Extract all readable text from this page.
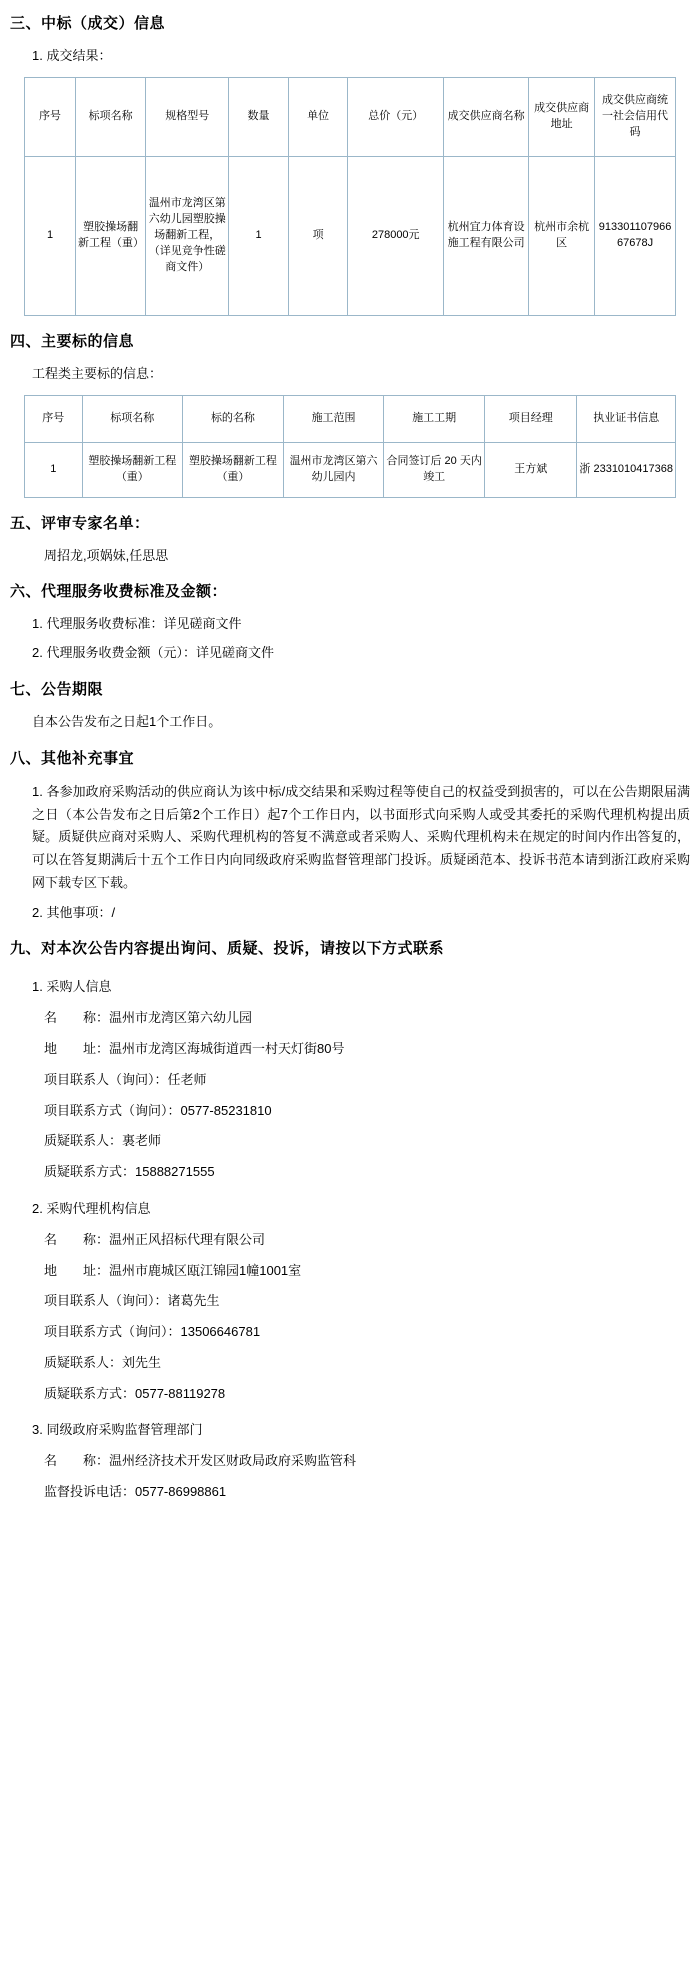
三、中标（成交）信息
1. 成交结果：
序号	标项名称	规格型号	数量	单位	总价（元）	成交供应商名称	成交供应商地址	成交供应商统一社会信用代码
1	塑胶操场翻新工程（重）	温州市龙湾区第六幼儿园塑胶操场翻新工程，（详见竞争性磋商文件）	1	项	278000元	杭州宜力体育设施工程有限公司	杭州市余杭区	91330110796667678J
四、主要标的信息
工程类主要标的信息：
序号	标项名称	标的名称	施工范围	施工工期	项目经理	执业证书信息
1	塑胶操场翻新工程（重）	塑胶操场翻新工程（重）	温州市龙湾区第六幼儿园内	合同签订后 20 天内竣工	王方斌	浙 2331010417368
五、评审专家名单：
周招龙,项娲妹,任思思
六、代理服务收费标准及金额：
1. 代理服务收费标准：详见磋商文件
2. 代理服务收费金额（元）：详见磋商文件
七、公告期限
自本公告发布之日起1个工作日。
八、其他补充事宜
1. 各参加政府采购活动的供应商认为该中标/成交结果和采购过程等使自己的权益受到损害的，可以在公告期限届满之日（本公告发布之日后第2个工作日）起7个工作日内，以书面形式向采购人或受其委托的采购代理机构提出质疑。质疑供应商对采购人、采购代理机构的答复不满意或者采购人、采购代理机构未在规定的时间内作出答复的，可以在答复期满后十五个工作日内向同级政府采购监督管理部门投诉。质疑函范本、投诉书范本请到浙江政府采购网下载专区下载。
2. 其他事项：/
九、对本次公告内容提出询问、质疑、投诉，请按以下方式联系
1. 采购人信息
名　　称：温州市龙湾区第六幼儿园
地　　址：温州市龙湾区海城街道西一村天灯街80号
项目联系人（询问）：任老师
项目联系方式（询问）：0577-85231810
质疑联系人：裏老师
质疑联系方式：15888271555
2. 采购代理机构信息
名　　称：温州正风招标代理有限公司
地　　址：温州市鹿城区瓯江锦园1幢1001室
项目联系人（询问）：诸葛先生
项目联系方式（询问）：13506646781
质疑联系人：刘先生
质疑联系方式：0577-88119278
3. 同级政府采购监督管理部门
名　　称：温州经济技术开发区财政局政府采购监管科
监督投诉电话：0577-86998861
